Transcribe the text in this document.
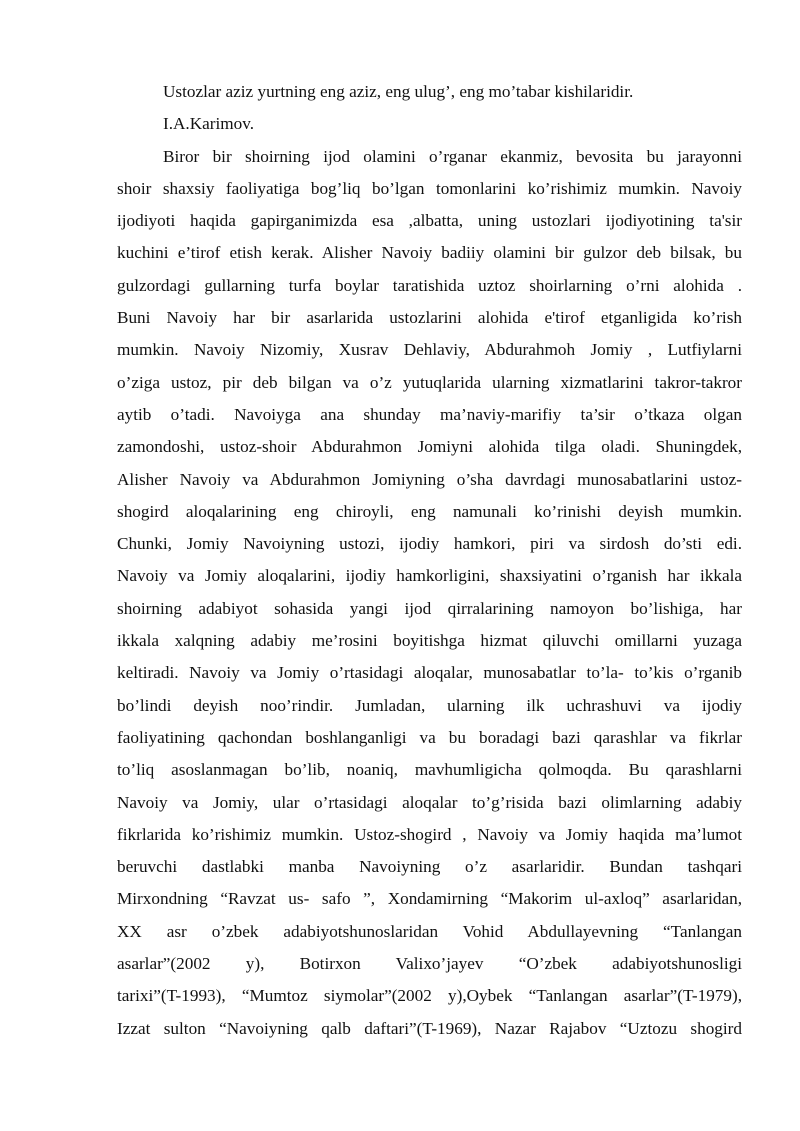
Ustozlar aziz yurtning eng aziz, eng ulug’, eng mo’tabar kishilaridir.
I.A.Karimov.
Biror bir shoirning ijod olamini o’rganar ekanmiz, bevosita bu jarayonni
shoir shaxsiy faoliyatiga bog’liq bo’lgan tomonlarini ko’rishimiz mumkin. Navoiy
ijodiyoti haqida gapirganimizda esa ,albatta, uning ustozlari ijodiyotining ta'sir
kuchini e’tirof etish kerak. Alisher Navoiy badiiy olamini bir gulzor deb bilsak, bu
gulzordagi gullarning turfa boylar taratishida uztoz shoirlarning o’rni alohida .
Buni Navoiy har bir asarlarida ustozlarini alohida e'tirof etganligida ko’rish
mumkin. Navoiy Nizomiy, Xusrav Dehlaviy, Abdurahmoh Jomiy , Lutfiylarni
o’ziga ustoz, pir deb bilgan va o’z yutuqlarida ularning xizmatlarini takror-takror
aytib o’tadi. Navoiyga ana shunday ma’naviy-marifiy ta’sir o’tkaza olgan
zamondoshi, ustoz-shoir Abdurahmon Jomiyni alohida tilga oladi. Shuningdek,
Alisher Navoiy va Abdurahmon Jomiyning o’sha davrdagi munosabatlarini ustoz-
shogird aloqalarining eng chiroyli, eng namunali ko’rinishi deyish mumkin.
Chunki, Jomiy Navoiyning ustozi, ijodiy hamkori, piri va sirdosh do’sti edi.
Navoiy va Jomiy aloqalarini, ijodiy hamkorligini, shaxsiyatini o’rganish har ikkala
shoirning adabiyot sohasida yangi ijod qirralarining namoyon bo’lishiga, har
ikkala xalqning adabiy me’rosini boyitishga hizmat qiluvchi omillarni yuzaga
keltiradi. Navoiy va Jomiy o’rtasidagi aloqalar, munosabatlar to’la- to’kis o’rganib
bo’lindi deyish noo’rindir. Jumladan, ularning ilk uchrashuvi va ijodiy
faoliyatining qachondan boshlanganligi va bu boradagi bazi qarashlar va fikrlar
to’liq asoslanmagan bo’lib, noaniq, mavhumligicha qolmoqda. Bu qarashlarni
Navoiy va Jomiy, ular o’rtasidagi aloqalar to’g’risida bazi olimlarning adabiy
fikrlarida ko’rishimiz mumkin. Ustoz-shogird , Navoiy va Jomiy haqida ma’lumot
beruvchi dastlabki manba Navoiyning o’z asarlaridir. Bundan tashqari
Mirxondning “Ravzat us- safo ”, Xondamirning “Makorim ul-axloq” asarlaridan,
XX asr o’zbek adabiyotshunoslaridan Vohid Abdullayevning “Tanlangan
asarlar”(2002 y), Botirxon Valixo’jayev “O’zbek adabiyotshunosligi
tarixi”(T-1993), “Mumtoz siymolar”(2002 y),Oybek “Tanlangan asarlar”(T-1979),
Izzat sulton “Navoiyning qalb daftari”(T-1969), Nazar Rajabov “Uztozu shogird
